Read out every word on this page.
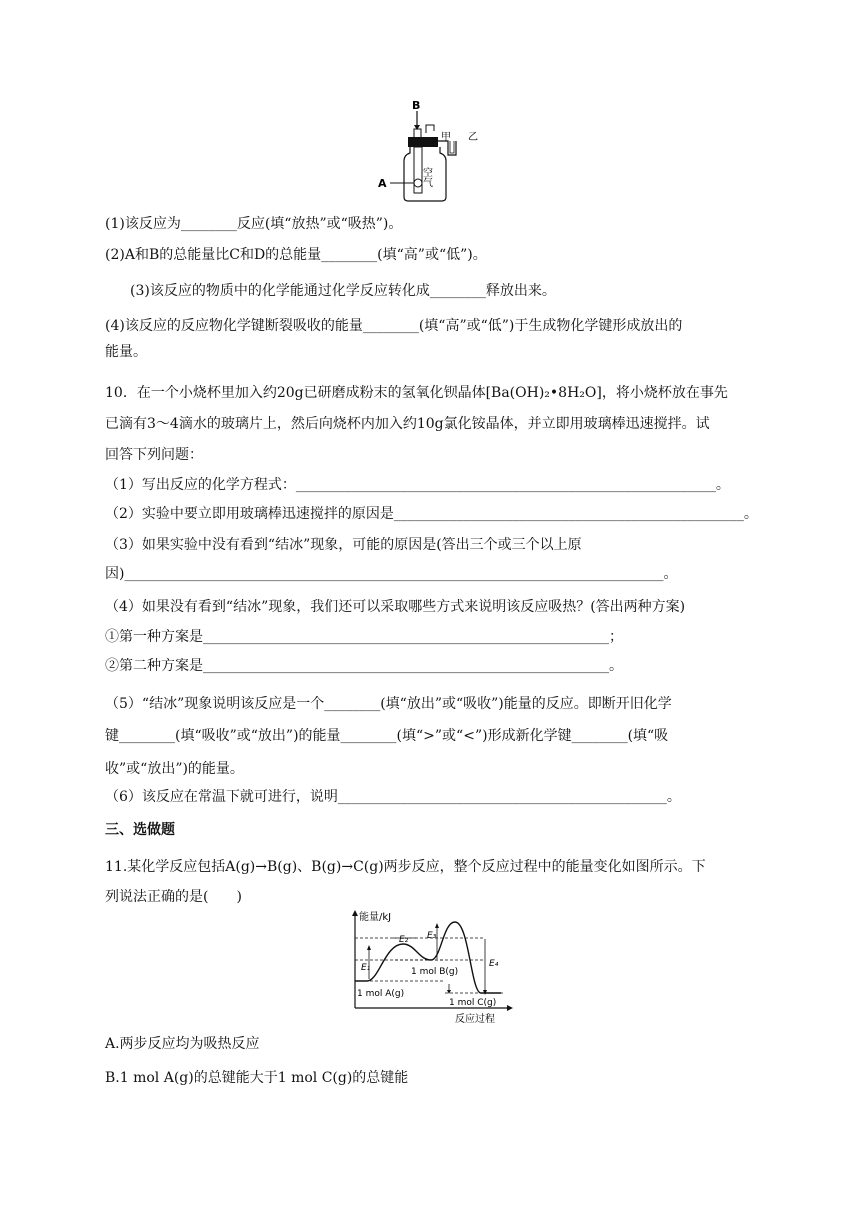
B
甲 乙
A	空气
(1)该反应为________反应(填“放热”或“吸热”)。
(2)A和B的总能量比C和D的总能量________(填“高”或“低”)。
(3)该反应的物质中的化学能通过化学反应转化成________释放出来。
(4)该反应的反应物化学键断裂吸收的能量________(填“高”或“低”)于生成物化学键形成放出的
能量。
10．在一个小烧杯里加入约20g已研磨成粉末的氢氧化钡晶体[Ba(OH)₂•8H₂O]，将小烧杯放在事先
已滴有3～4滴水的玻璃片上，然后向烧杯内加入约10g氯化铵晶体，并立即用玻璃棒迅速搅拌。试
回答下列问题：
（1）写出反应的化学方程式：____________________________________________________________。
（2）实验中要立即用玻璃棒迅速搅拌的原因是__________________________________________________。
（3）如果实验中没有看到“结冰”现象，可能的原因是(答出三个或三个以上原
因)_____________________________________________________________________________。
（4）如果没有看到“结冰”现象，我们还可以采取哪些方式来说明该反应吸热？(答出两种方案)
①第一种方案是__________________________________________________________；
②第二种方案是__________________________________________________________。
（5）“结冰”现象说明该反应是一个________(填“放出”或“吸收”)能量的反应。即断开旧化学
键________(填“吸收”或“放出”)的能量________(填“>”或“<”)形成新化学键________(填“吸
收”或“放出”)的能量。
（6）该反应在常温下就可进行，说明_______________________________________________。
三、选做题
11.某化学反应包括A(g)→B(g)、B(g)→C(g)两步反应，整个反应过程中的能量变化如图所示。下
列说法正确的是(　　)
能量/kJ
反应过程
E₁
E₂ E₃
E₄
1 mol A(g)
1 mol B(g)
1 mol C(g)
A.两步反应均为吸热反应
B.1 mol A(g)的总键能大于1 mol C(g)的总键能
